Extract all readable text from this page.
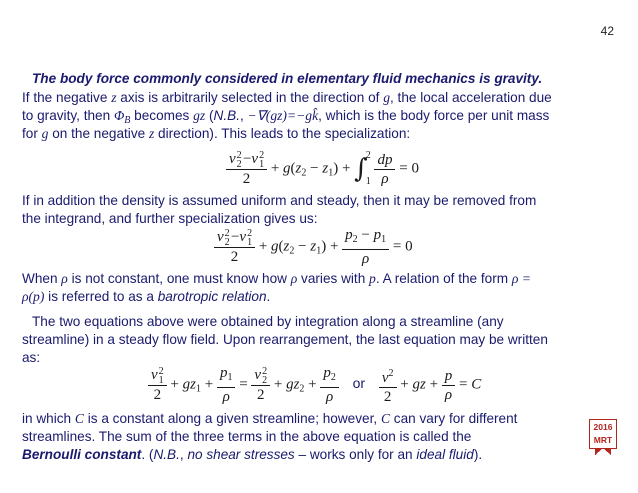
42
The body force commonly considered in elementary fluid mechanics is gravity.
If the negative z axis is arbitrarily selected in the direction of g, the local acceleration due
to gravity, then $\Phi_B$ becomes gz (N.B., −∇(gz)=−gk̂, which is the body force per unit mass
for g on the negative z direction). This leads to the specialization:
v 2
2
  −v 2
1
$2 + g(z_2 - z_1)$ + ∫
2
1
$\frac{dp}{\rho} = 0$
If in addition the density is assumed uniform and steady, then it may be removed from
the integrand, and further specialization gives us:
v 2
2
  −v 2
1
$2 + g(z_2 - z_1) + \frac{p_2 - p_1}{\rho} = 0$
When ρ is not constant, one must know how ρ varies with p. A relation of the form ρ =
ρ(p) is referred to as a barotropic relation.
The two equations above were obtained by integration along a streamline (any
streamline) in a steady flow field. Upon rearrangement, the last equation may be written
as:
v 2
1
$2 + gz_1 + \frac{p_1}{\rho} = v$ 2
2
$2 + gz_2 + \frac{p_2}{\rho}$ or $\frac{v^2}{2}$ + gz + $\frac{p}{\rho} = C$
in which C is a constant along a given streamline; however, C can vary for different
streamlines. The sum of the three terms in the above equation is called the
Bernoulli constant. (N.B., no shear stresses – works only for an ideal fluid).
2016
MRT
